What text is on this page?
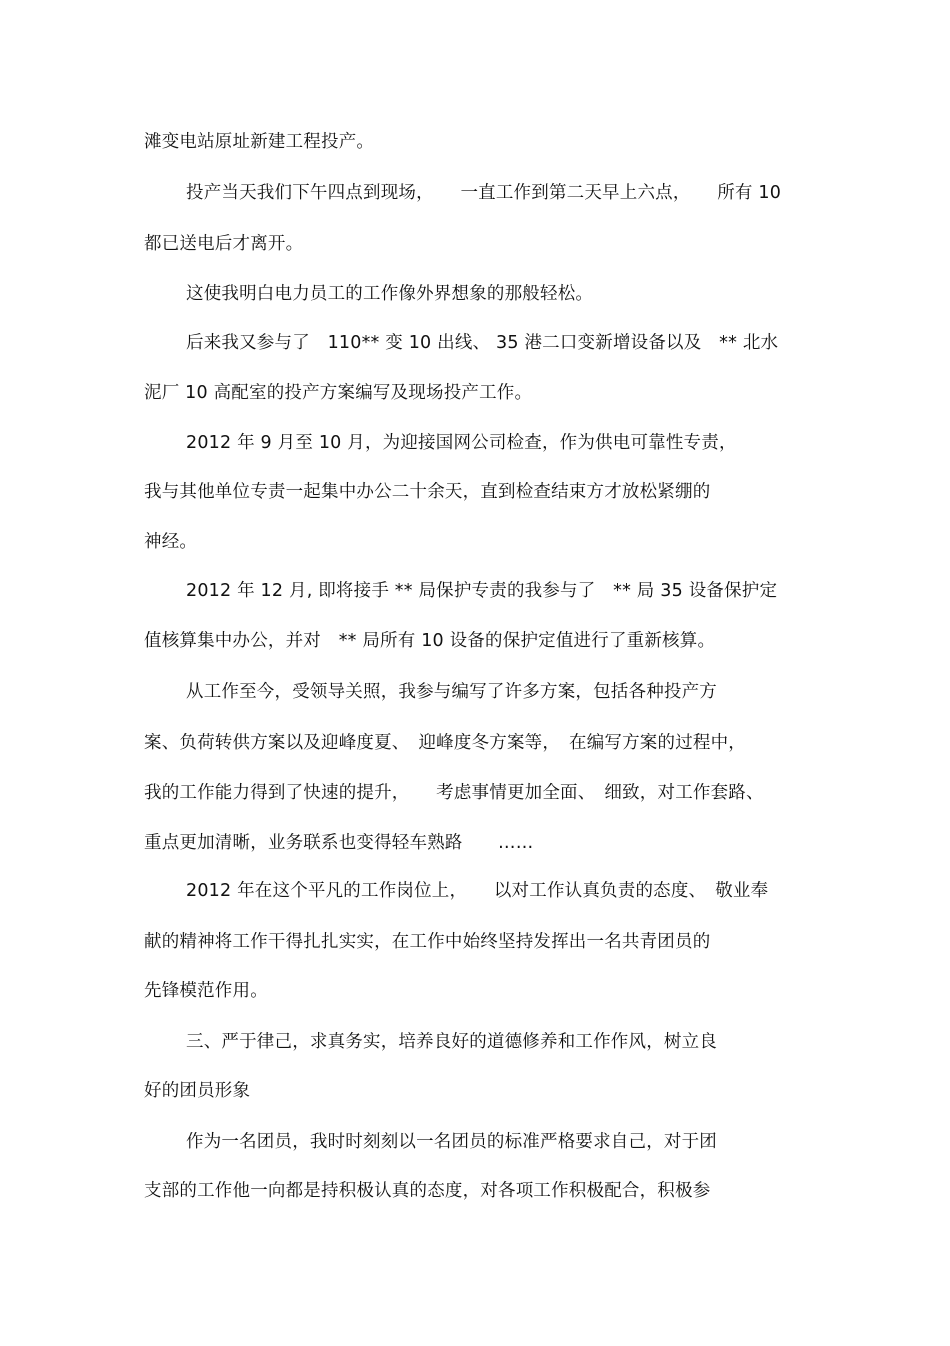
滩变电站原址新建工程投产。
投产当天我们下午四点到现场，　　一直工作到第二天早上六点，　　所有 10
都已送电后才离开。
这使我明白电力员工的工作像外界想象的那般轻松。
后来我又参与了　110** 变 10 出线、 35 港二口变新增设备以及　** 北水
泥厂 10 高配室的投产方案编写及现场投产工作。
2012 年 9 月至 10 月，为迎接国网公司检查，作为供电可靠性专责，
我与其他单位专责一起集中办公二十余天，直到检查结束方才放松紧绷的
神经。
2012 年 12 月, 即将接手 ** 局保护专责的我参与了　** 局 35 设备保护定
值核算集中办公，并对　** 局所有 10 设备的保护定值进行了重新核算。
从工作至今，受领导关照，我参与编写了许多方案，包括各种投产方
案、负荷转供方案以及迎峰度夏、　迎峰度冬方案等，　在编写方案的过程中，
我的工作能力得到了快速的提升，　　考虑事情更加全面、　细致，对工作套路、
重点更加清晰，业务联系也变得轻车熟路　　……
2012 年在这个平凡的工作岗位上，　　以对工作认真负责的态度、　敬业奉
献的精神将工作干得扎扎实实，在工作中始终坚持发挥出一名共青团员的
先锋模范作用。
三、严于律己，求真务实，培养良好的道德修养和工作作风，树立良
好的团员形象
作为一名团员，我时时刻刻以一名团员的标准严格要求自己，对于团
支部的工作他一向都是持积极认真的态度，对各项工作积极配合，积极参
